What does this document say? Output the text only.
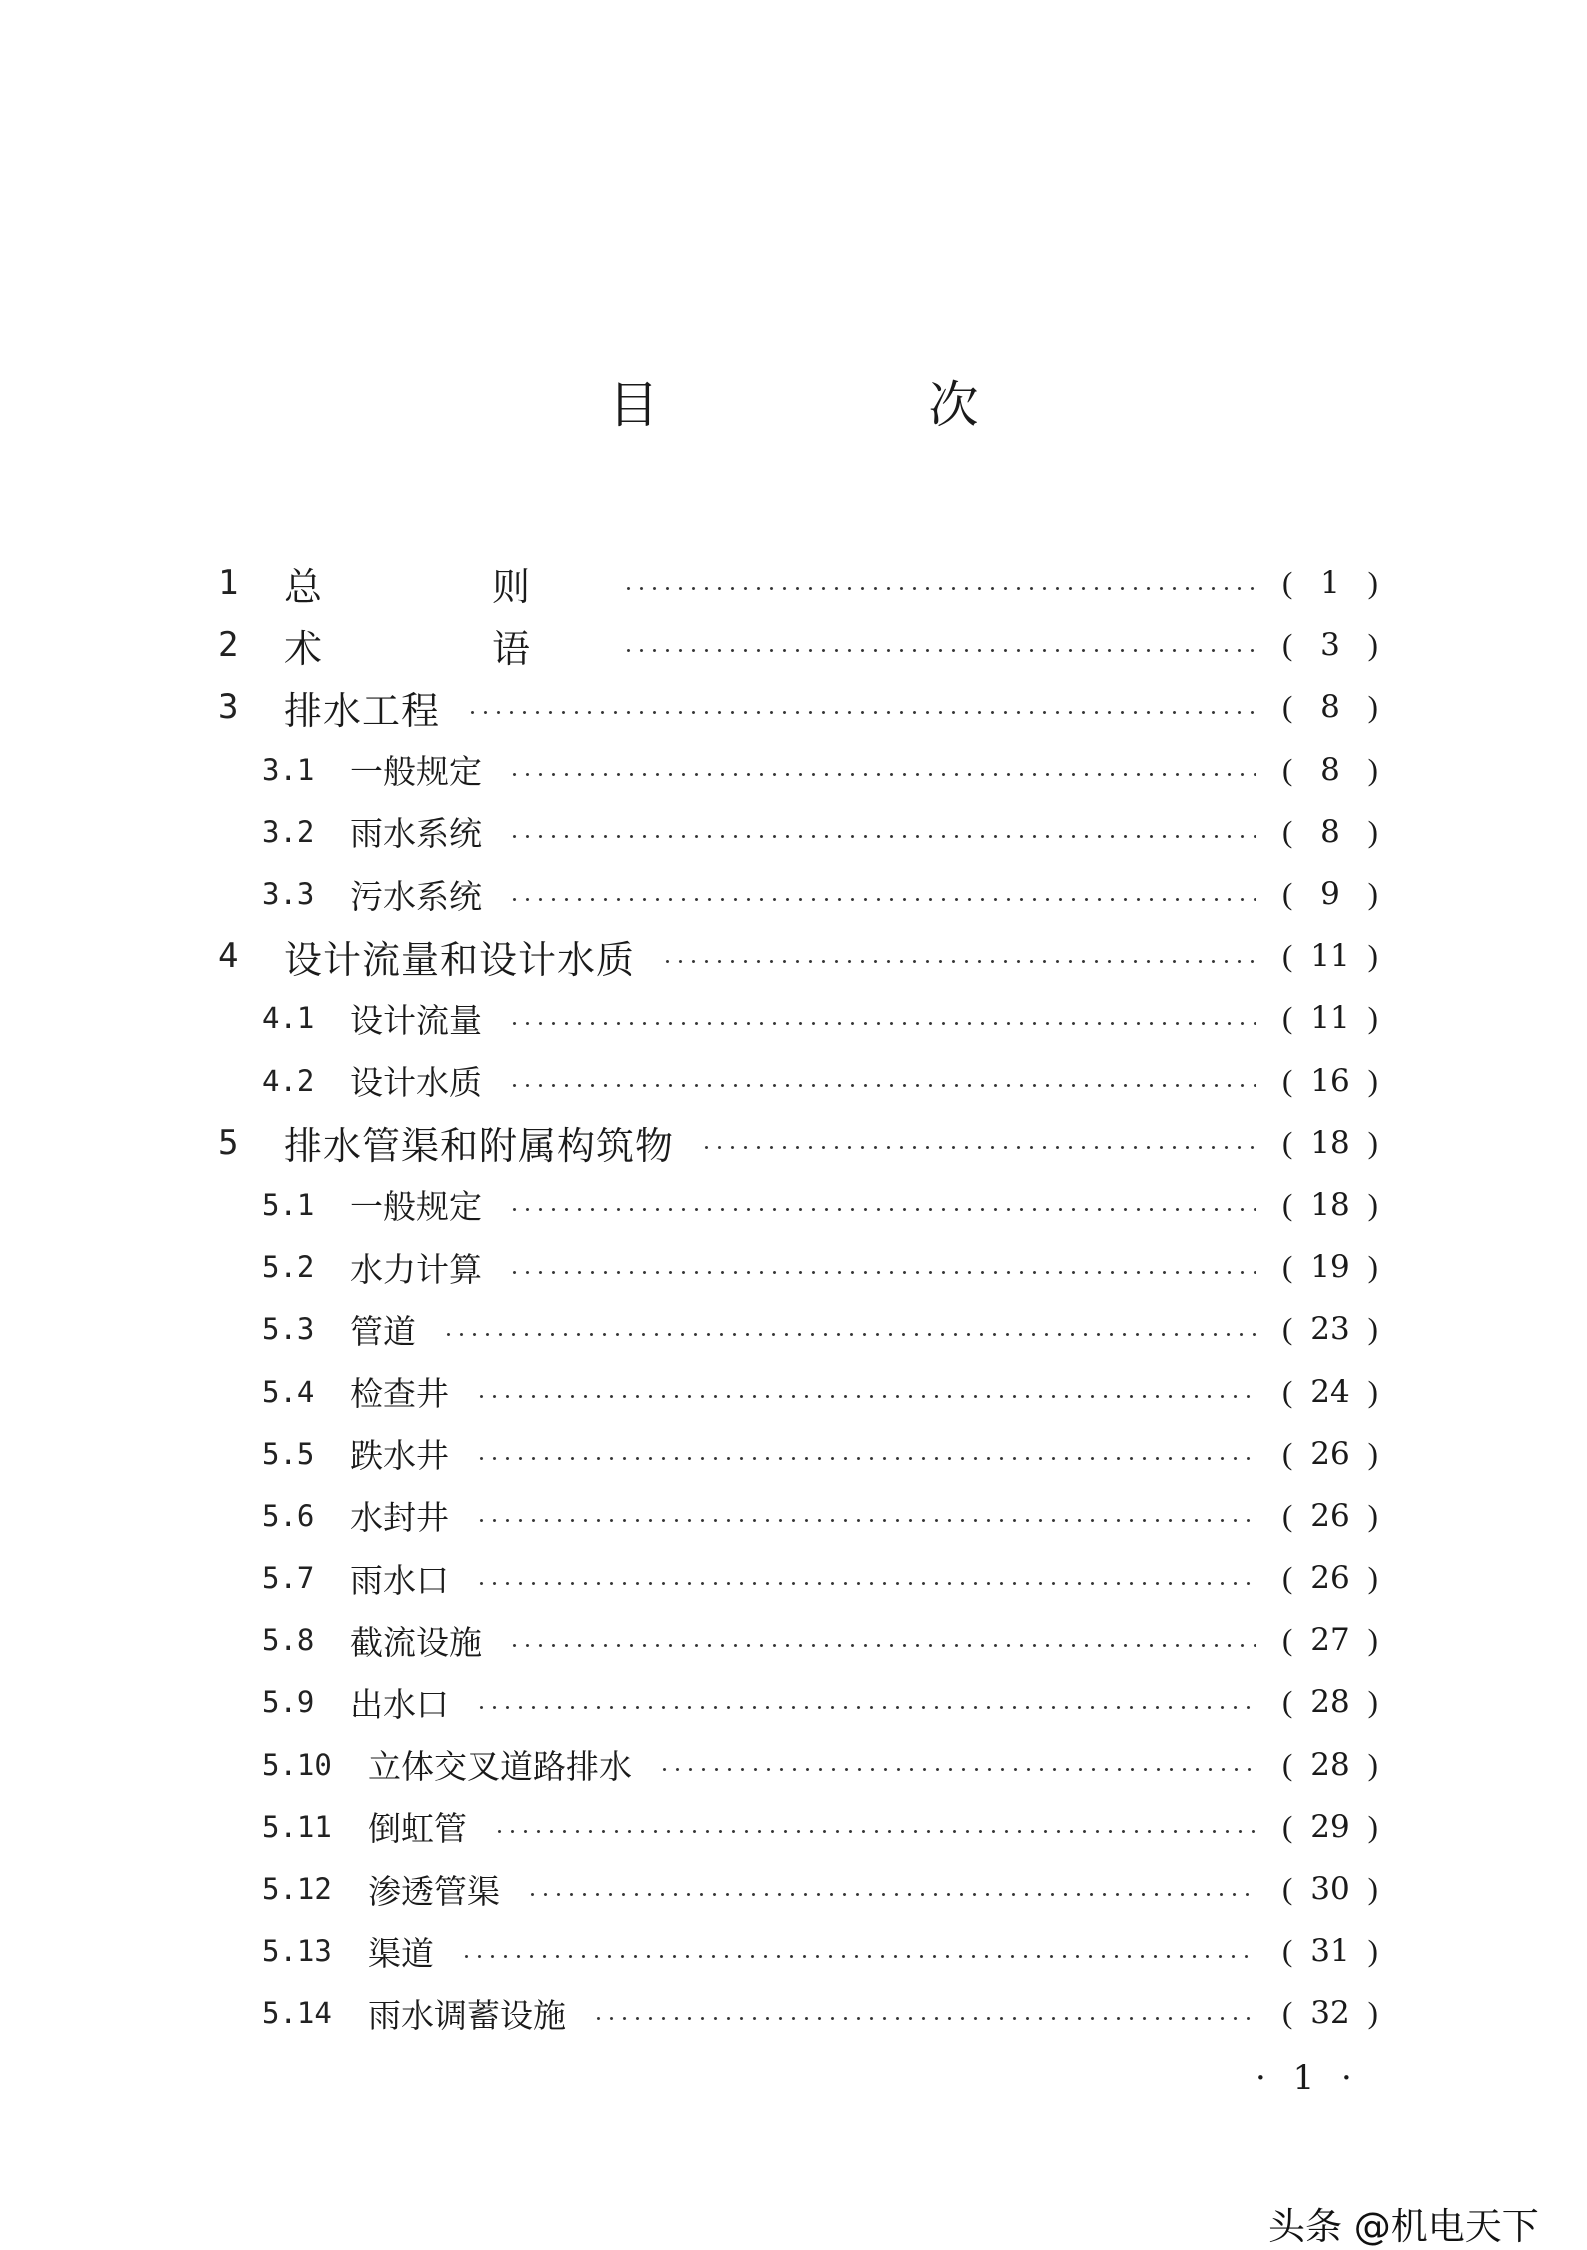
目　次
1	总　则	( 1 )
2	术　语	( 3 )
3	排水工程	( 8 )
3.1	一般规定	( 8 )
3.2	雨水系统	( 8 )
3.3	污水系统	( 9 )
4	设计流量和设计水质	( 11 )
4.1	设计流量	( 11 )
4.2	设计水质	( 16 )
5	排水管渠和附属构筑物	( 18 )
5.1	一般规定	( 18 )
5.2	水力计算	( 19 )
5.3	管道	( 23 )
5.4	检查井	( 24 )
5.5	跌水井	( 26 )
5.6	水封井	( 26 )
5.7	雨水口	( 26 )
5.8	截流设施	( 27 )
5.9	出水口	( 28 )
5.10	立体交叉道路排水	( 28 )
5.11	倒虹管	( 29 )
5.12	渗透管渠	( 30 )
5.13	渠道	( 31 )
5.14	雨水调蓄设施	( 32 )
· 1 ·
头条 @机电天下
